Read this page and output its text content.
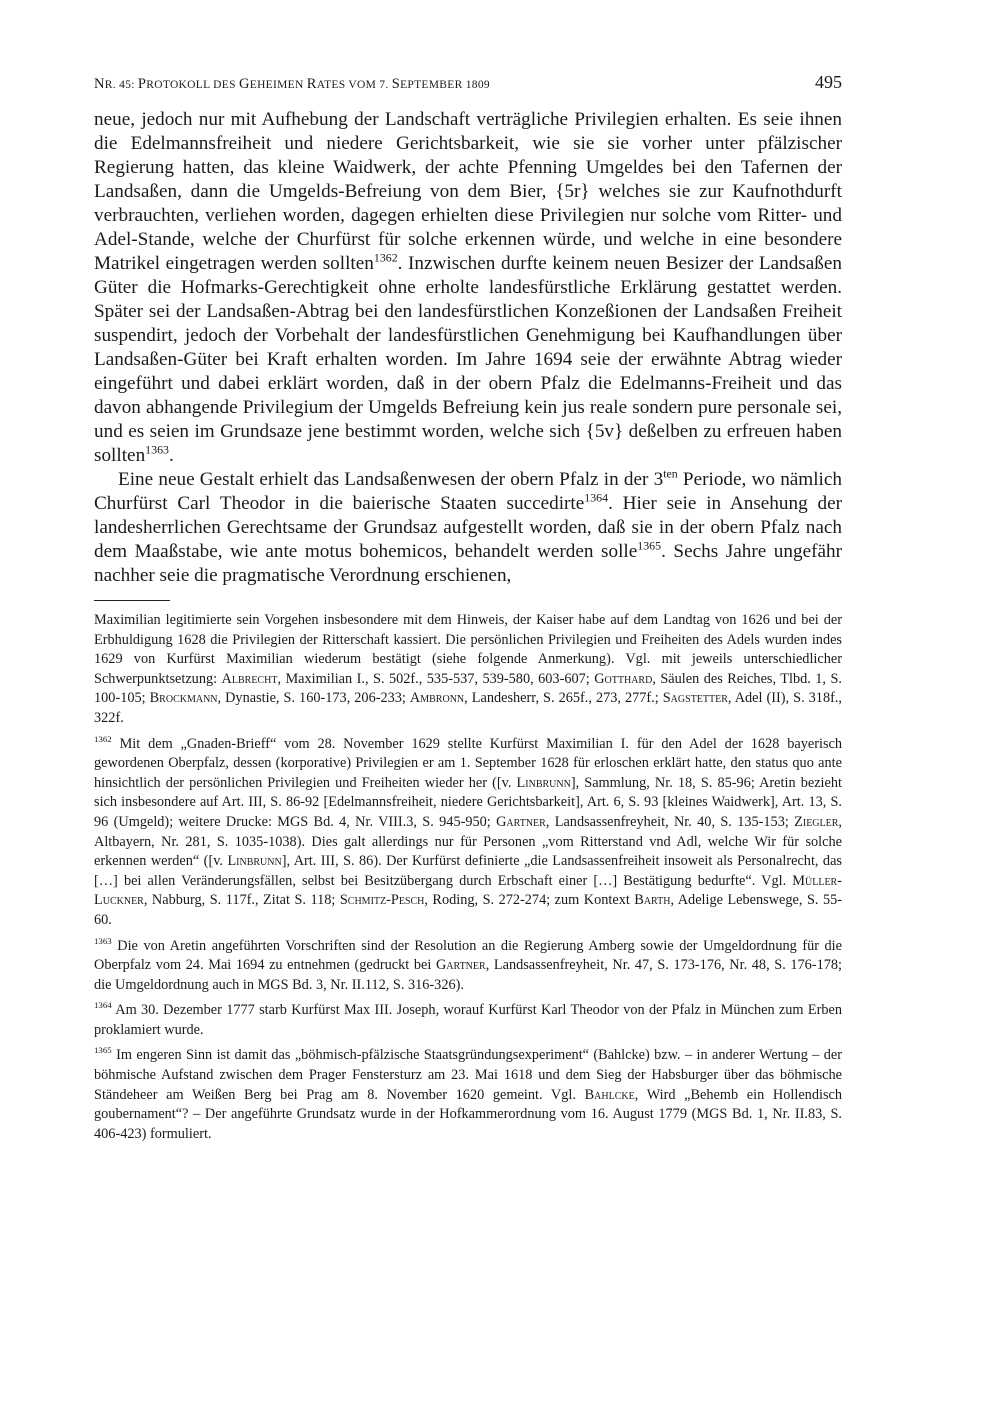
NR. 45: PROTOKOLL DES GEHEIMEN RATES VOM 7. SEPTEMBER 1809	495

neue, jedoch nur mit Aufhebung der Landschaft verträgliche Privilegien erhalten. Es seie ihnen die Edelmannsfreiheit und niedere Gerichtsbarkeit, wie sie sie vorher unter pfälzischer Regierung hatten, das kleine Waidwerk, der achte Pfenning Umgeldes bei den Tafernen der Landsaßen, dann die Umgelds-Befreiung von dem Bier, {5r} welches sie zur Kaufnothdurft verbrauchten, verliehen worden, dagegen erhielten diese Privilegien nur solche vom Ritter- und Adel-Stande, welche der Churfürst für solche erkennen würde, und welche in eine besondere Matrikel eingetragen werden sollten$^{1362}$. Inzwischen durfte keinem neuen Besizer der Landsaßen Güter die Hofmarks-Gerechtigkeit ohne erholte landesfürstliche Erklärung gestattet werden. Später sei der Landsaßen-Abtrag bei den landesfürstlichen Konzeßionen der Landsaßen Freiheit suspendirt, jedoch der Vorbehalt der landesfürstlichen Genehmigung bei Kaufhandlungen über Landsaßen-Güter bei Kraft erhalten worden. Im Jahre 1694 seie der erwähnte Abtrag wieder eingeführt und dabei erklärt worden, daß in der obern Pfalz die Edelmanns-Freiheit und das davon abhangende Privilegium der Umgelds Befreiung kein jus reale sondern pure personale sei, und es seien im Grundsaze jene bestimmt worden, welche sich {5v} deßelben zu erfreuen haben sollten$^{1363}$.

Eine neue Gestalt erhielt das Landsaßenwesen der obern Pfalz in der $3^{ten}$ Periode, wo nämlich Churfürst Carl Theodor in die baierische Staaten succedirte$^{1364}$. Hier seie in Ansehung der landesherrlichen Gerechtsame der Grundsaz aufgestellt worden, daß sie in der obern Pfalz nach dem Maaßstabe, wie ante motus bohemicos, behandelt werden solle$^{1365}$. Sechs Jahre ungefähr nachher seie die pragmatische Verordnung erschienen,

Maximilian legitimierte sein Vorgehen insbesondere mit dem Hinweis, der Kaiser habe auf dem Landtag von 1626 und bei der Erbhuldigung 1628 die Privilegien der Ritterschaft kassiert. Die persönlichen Privilegien und Freiheiten des Adels wurden indes 1629 von Kurfürst Maximilian wiederum bestätigt (siehe folgende Anmerkung). Vgl. mit jeweils unterschiedlicher Schwerpunktsetzung: Albrecht, Maximilian I., S. 502f., 535-537, 539-580, 603-607; Gotthard, Säulen des Reiches, Tlbd. 1, S. 100-105; Brockmann, Dynastie, S. 160-173, 206-233; Ambronn, Landesherr, S. 265f., 273, 277f.; Sagstetter, Adel (II), S. 318f., 322f.

$^{1362}$ Mit dem „Gnaden-Brieff“ vom 28. November 1629 stellte Kurfürst Maximilian I. für den Adel der 1628 bayerisch gewordenen Oberpfalz, dessen (korporative) Privilegien er am 1. September 1628 für erloschen erklärt hatte, den status quo ante hinsichtlich der persönlichen Privilegien und Freiheiten wieder her ([v. Linbrunn], Sammlung, Nr. 18, S. 85-96; Aretin bezieht sich insbesondere auf Art. III, S. 86-92 [Edelmannsfreiheit, niedere Gerichtsbarkeit], Art. 6, S. 93 [kleines Waidwerk], Art. 13, S. 96 (Umgeld); weitere Drucke: MGS Bd. 4, Nr. VIII.3, S. 945-950; Gartner, Landsassenfreyheit, Nr. 40, S. 135-153; Ziegler, Altbayern, Nr. 281, S. 1035-1038). Dies galt allerdings nur für Personen „vom Ritterstand vnd Adl, welche Wir für solche erkennen werden“ ([v. Linbrunn], Art. III, S. 86). Der Kurfürst definierte „die Landsassenfreiheit insoweit als Personalrecht, das […] bei allen Veränderungsfällen, selbst bei Besitzübergang durch Erbschaft einer […] Bestätigung bedurfte“. Vgl. Müller-Luckner, Nabburg, S. 117f., Zitat S. 118; Schmitz-Pesch, Roding, S. 272-274; zum Kontext Barth, Adelige Lebenswege, S. 55-60.

$^{1363}$ Die von Aretin angeführten Vorschriften sind der Resolution an die Regierung Amberg sowie der Umgeldordnung für die Oberpfalz vom 24. Mai 1694 zu entnehmen (gedruckt bei Gartner, Landsassenfreyheit, Nr. 47, S. 173-176, Nr. 48, S. 176-178; die Umgeldordnung auch in MGS Bd. 3, Nr. II.112, S. 316-326).

$^{1364}$ Am 30. Dezember 1777 starb Kurfürst Max III. Joseph, worauf Kurfürst Karl Theodor von der Pfalz in München zum Erben proklamiert wurde.

$^{1365}$ Im engeren Sinn ist damit das „böhmisch-pfälzische Staatsgründungsexperiment“ (Bahlcke) bzw. – in anderer Wertung – der böhmische Aufstand zwischen dem Prager Fenstersturz am 23. Mai 1618 und dem Sieg der Habsburger über das böhmische Ständeheer am Weißen Berg bei Prag am 8. November 1620 gemeint. Vgl. Bahlcke, Wird „Behemb ein Hollendisch goubernament“? – Der angeführte Grundsatz wurde in der Hofkammerordnung vom 16. August 1779 (MGS Bd. 1, Nr. II.83, S. 406-423) formuliert.
